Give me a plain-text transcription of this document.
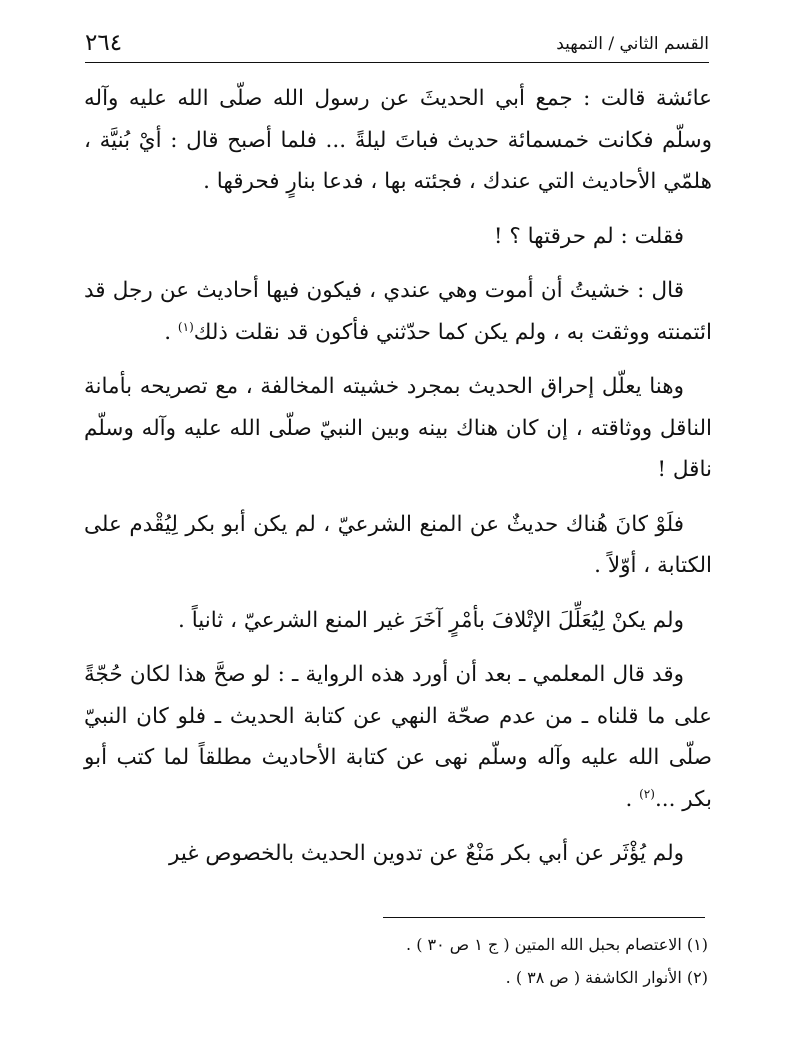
٢٦٤	القسم الثاني / التمهيد

عائشة قالت : جمع أبي الحديثَ عن رسول الله صلّى الله عليه وآله وسلّم فكانت خمسمائة حديث فباتَ ليلةً ... فلما أصبح قال : أيْ بُنيَّة ، هلمّي الأحاديث التي عندك ، فجئته بها ، فدعا بنارٍ فحرقها .

فقلت : لم حرقتها ؟ !

قال : خشيتُ أن أموت وهي عندي ، فيكون فيها أحاديث عن رجل قد ائتمنته ووثقت به ، ولم يكن كما حدّثني فأكون قد نقلت ذلك$^{(١)}$ .

وهنا يعلّل إحراق الحديث بمجرد خشيته المخالفة ، مع تصريحه بأمانة الناقل ووثاقته ، إن كان هناك بينه وبين النبيّ صلّى الله عليه وآله وسلّم ناقل !

فلَوْ كانَ هُناك حديثٌ عن المنع الشرعيّ ، لم يكن أبو بكر لِيُقْدم على الكتابة ، أوّلاً .

ولم يكنْ لِيُعَلِّلَ الإتْلافَ بأمْرٍ آخَرَ غير المنع الشرعيّ ، ثانياً .

وقد قال المعلمي ـ بعد أن أورد هذه الرواية ـ : لو صحَّ هذا لكان حُجّةً على ما قلناه ـ من عدم صحّة النهي عن كتابة الحديث ـ فلو كان النبيّ صلّى الله عليه وآله وسلّم نهى عن كتابة الأحاديث مطلقاً لما كتب أبو بكر ...$^{(٢)}$ .

ولم يُؤْثَر عن أبي بكر مَنْعٌ عن تدوين الحديث بالخصوص غير

(١) الاعتصام بحبل الله المتين ( ج ١ ص ٣٠ ) .

(٢) الأنوار الكاشفة ( ص ٣٨ ) .
